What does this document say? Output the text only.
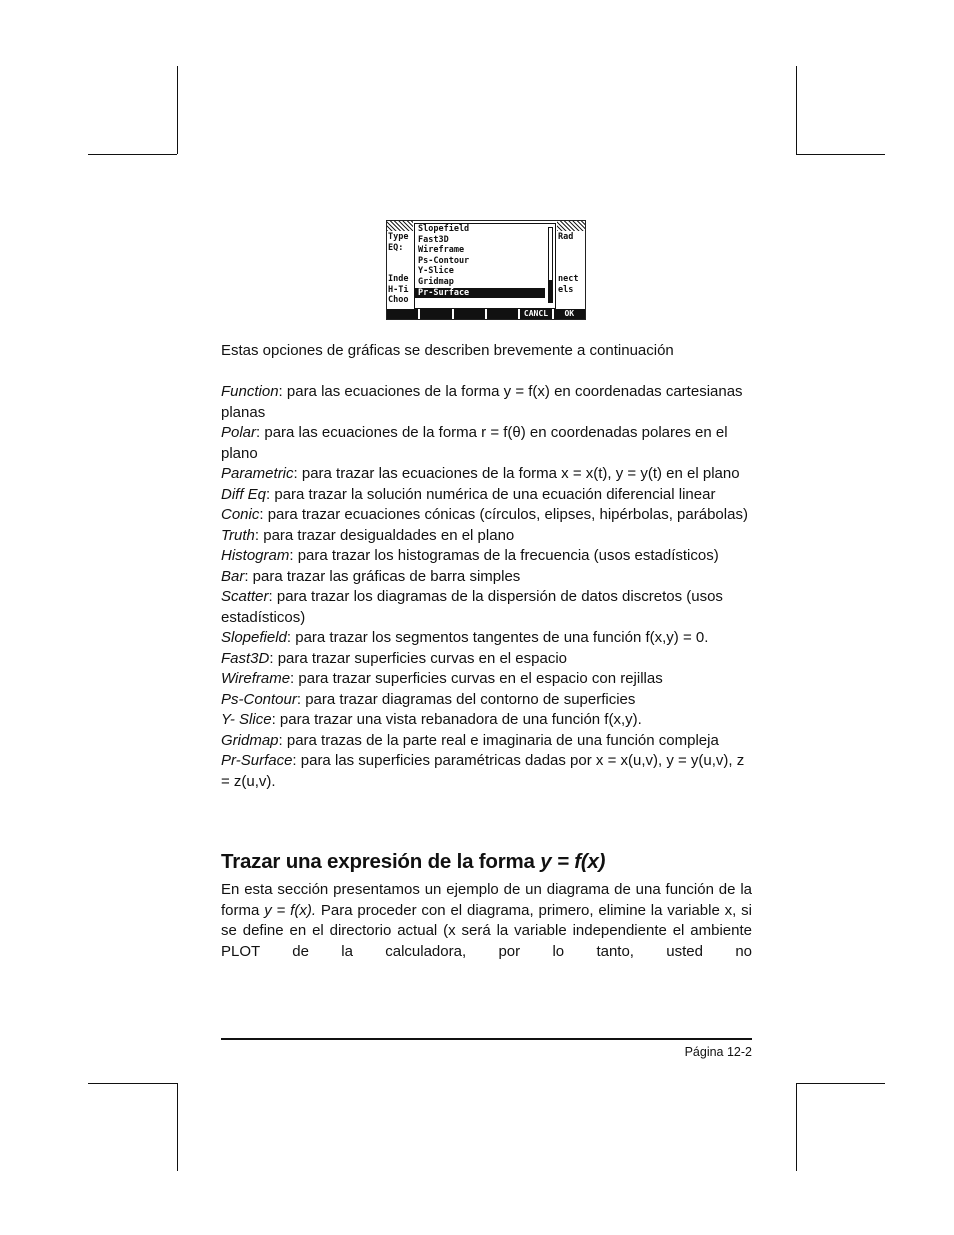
Type
EQ:
Inde
H-Ti
Choo
Rad
nect
els
Slopefield
Fast3D
Wireframe
Ps-Contour
Y-Slice
Gridmap
Pr-Surface
CANCL	OK
Estas opciones de gráficas se describen brevemente a continuación

Function: para las ecuaciones de la forma y = f(x) en coordenadas cartesianas planas

Polar: para las ecuaciones de la forma r = f(θ) en coordenadas polares en el plano

Parametric: para trazar las ecuaciones de la forma x = x(t), y = y(t) en el plano

Diff Eq: para trazar la solución numérica de una ecuación diferencial linear

Conic: para trazar ecuaciones cónicas (círculos, elipses, hipérbolas, parábolas)

Truth: para trazar desigualdades en el plano

Histogram: para trazar los histogramas de la frecuencia (usos estadísticos)

Bar: para trazar las gráficas de barra simples

Scatter: para trazar los diagramas de la dispersión de datos discretos (usos estadísticos)

Slopefield: para trazar los segmentos tangentes de una función f(x,y) = 0.

Fast3D: para trazar superficies curvas en el espacio

Wireframe: para trazar superficies curvas en el espacio con rejillas

Ps-Contour: para trazar diagramas del contorno de superficies

Y- Slice: para trazar una vista rebanadora de una función f(x,y).

Gridmap: para trazas de la parte real e imaginaria de una función compleja

Pr-Surface: para las superficies paramétricas dadas por x = x(u,v), y = y(u,v), z = z(u,v).

Trazar una expresión de la forma y = f(x)
En esta sección presentamos un ejemplo de un diagrama de una función de la forma y = f(x). Para proceder con el diagrama, primero, elimine la variable x, si se define en el directorio actual (x será la variable independiente el ambiente PLOT de la calculadora, por lo tanto, usted no
Página 12-2
